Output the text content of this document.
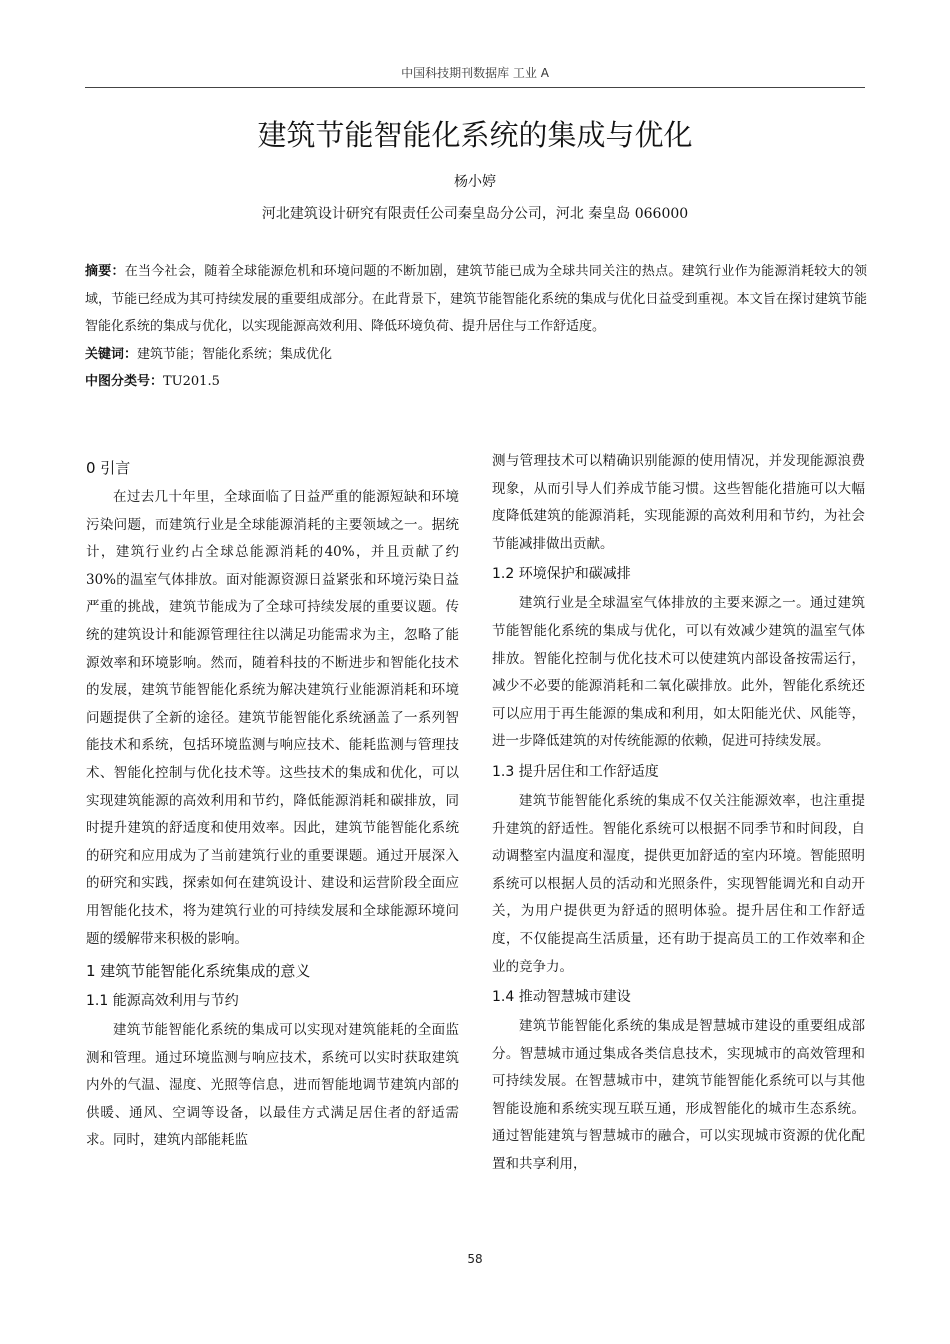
中国科技期刊数据库 工业 A
建筑节能智能化系统的集成与优化
杨小婷
河北建筑设计研究有限责任公司秦皇岛分公司，河北 秦皇岛 066000

摘要：在当今社会，随着全球能源危机和环境问题的不断加剧，建筑节能已成为全球共同关注的热点。建筑行业作为能源消耗较大的领域，节能已经成为其可持续发展的重要组成部分。在此背景下，建筑节能智能化系统的集成与优化日益受到重视。本文旨在探讨建筑节能智能化系统的集成与优化，以实现能源高效利用、降低环境负荷、提升居住与工作舒适度。

关键词：建筑节能；智能化系统；集成优化

中图分类号：TU201.5

0 引言

在过去几十年里，全球面临了日益严重的能源短缺和环境污染问题，而建筑行业是全球能源消耗的主要领域之一。据统计，建筑行业约占全球总能源消耗的40%，并且贡献了约 30%的温室气体排放。面对能源资源日益紧张和环境污染日益严重的挑战，建筑节能成为了全球可持续发展的重要议题。传统的建筑设计和能源管理往往以满足功能需求为主，忽略了能源效率和环境影响。然而，随着科技的不断进步和智能化技术的发展，建筑节能智能化系统为解决建筑行业能源消耗和环境问题提供了全新的途径。建筑节能智能化系统涵盖了一系列智能技术和系统，包括环境监测与响应技术、能耗监测与管理技术、智能化控制与优化技术等。这些技术的集成和优化，可以实现建筑能源的高效利用和节约，降低能源消耗和碳排放，同时提升建筑的舒适度和使用效率。因此，建筑节能智能化系统的研究和应用成为了当前建筑行业的重要课题。通过开展深入的研究和实践，探索如何在建筑设计、建设和运营阶段全面应用智能化技术，将为建筑行业的可持续发展和全球能源环境问题的缓解带来积极的影响。

1 建筑节能智能化系统集成的意义
1.1 能源高效利用与节约

建筑节能智能化系统的集成可以实现对建筑能耗的全面监测和管理。通过环境监测与响应技术，系统可以实时获取建筑内外的气温、湿度、光照等信息，进而智能地调节建筑内部的供暖、通风、空调等设备，以最佳方式满足居住者的舒适需求。同时，建筑内部能耗监

测与管理技术可以精确识别能源的使用情况，并发现能源浪费现象，从而引导人们养成节能习惯。这些智能化措施可以大幅度降低建筑的能源消耗，实现能源的高效利用和节约，为社会节能减排做出贡献。

1.2 环境保护和碳减排

建筑行业是全球温室气体排放的主要来源之一。通过建筑节能智能化系统的集成与优化，可以有效减少建筑的温室气体排放。智能化控制与优化技术可以使建筑内部设备按需运行，减少不必要的能源消耗和二氧化碳排放。此外，智能化系统还可以应用于再生能源的集成和利用，如太阳能光伏、风能等，进一步降低建筑的对传统能源的依赖，促进可持续发展。

1.3 提升居住和工作舒适度

建筑节能智能化系统的集成不仅关注能源效率，也注重提升建筑的舒适性。智能化系统可以根据不同季节和时间段，自动调整室内温度和湿度，提供更加舒适的室内环境。智能照明系统可以根据人员的活动和光照条件，实现智能调光和自动开关，为用户提供更为舒适的照明体验。提升居住和工作舒适度，不仅能提高生活质量，还有助于提高员工的工作效率和企业的竞争力。

1.4 推动智慧城市建设

建筑节能智能化系统的集成是智慧城市建设的重要组成部分。智慧城市通过集成各类信息技术，实现城市的高效管理和可持续发展。在智慧城市中，建筑节能智能化系统可以与其他智能设施和系统实现互联互通，形成智能化的城市生态系统。通过智能建筑与智慧城市的融合，可以实现城市资源的优化配置和共享利用，

58
